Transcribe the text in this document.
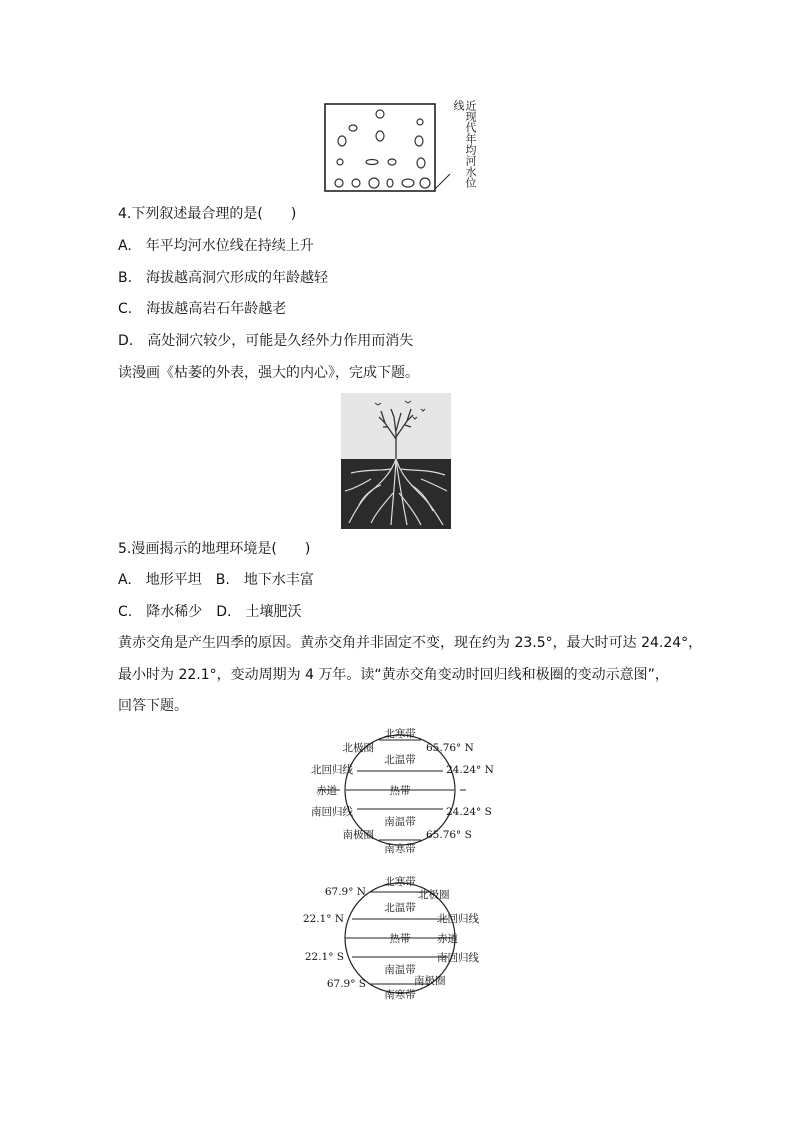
近现代年均河水位线
4.下列叙述最合理的是(　　)
A.　年平均河水位线在持续上升
B.　海拔越高洞穴形成的年龄越轻
C.　海拔越高岩石年龄越老
D.　高处洞穴较少，可能是久经外力作用而消失
读漫画《枯萎的外表，强大的内心》，完成下题。
5.漫画揭示的地理环境是(　　)
A.　地形平坦　B.　地下水丰富
C.　降水稀少　D.　土壤肥沃
黄赤交角是产生四季的原因。黄赤交角并非固定不变，现在约为 23.5°，最大时可达 24.24°，
最小时为 22.1°，变动周期为 4 万年。读“黄赤交角变动时回归线和极圈的变动示意图”，
回答下题。
北寒带
北温带
热带
南温带
南寒带
北极圈
北回归线
赤道
南回归线
南极圈
65.76° N
24.24° N
24.24° S
65.76° S
北寒带
北温带
热带
南温带
南寒带
67.9° N
22.1° N
22.1° S
67.9° S
北极圈
北回归线
赤道
南回归线
南极圈
